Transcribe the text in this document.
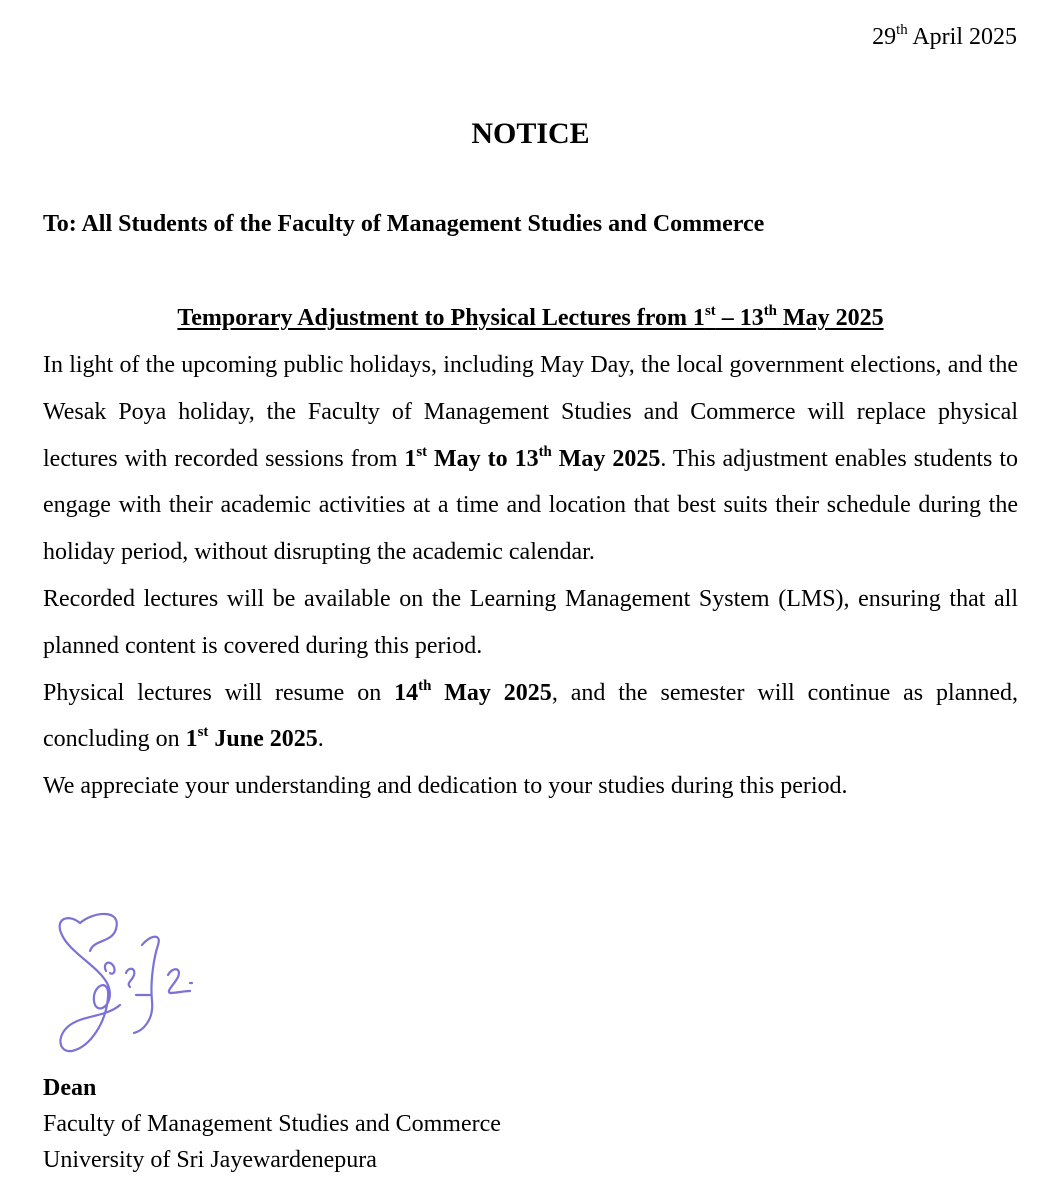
29th April 2025
NOTICE
To: All Students of the Faculty of Management Studies and Commerce
Temporary Adjustment to Physical Lectures from 1st – 13th May 2025

In light of the upcoming public holidays, including May Day, the local government elections, and the Wesak Poya holiday, the Faculty of Management Studies and Commerce will replace physical lectures with recorded sessions from 1st May to 13th May 2025. This adjustment enables students to engage with their academic activities at a time and location that best suits their schedule during the holiday period, without disrupting the academic calendar.

Recorded lectures will be available on the Learning Management System (LMS), ensuring that all planned content is covered during this period.

Physical lectures will resume on 14th May 2025, and the semester will continue as planned, concluding on 1st June 2025.

We appreciate your understanding and dedication to your studies during this period.

Dean
Faculty of Management Studies and Commerce
University of Sri Jayewardenepura
